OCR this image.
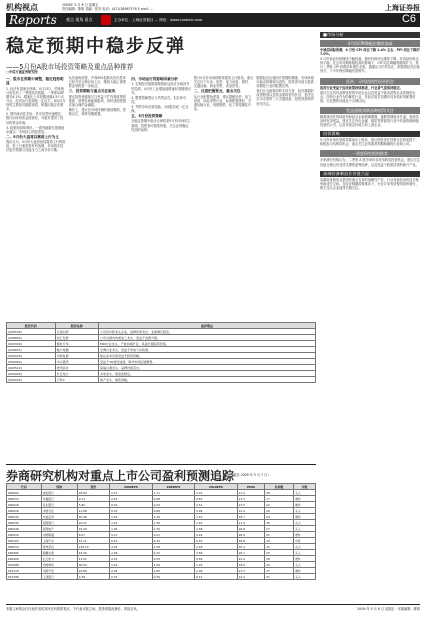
机构视点	2009年 5 月 8 日 星期五
责任编辑：陈明 美编：张杰 电话：(021)38967576 E-mail: ...	上海证券报
Reports 观点 视角 看点	主办单位：上海证券报社 ... 网址：www.cnstock.com	C6
稳定预期中稳步反弹
——5月份A股市场投资策略及重点品种推荐
□中信万通证券研究所

一、股市在预期中调整，稳定趋势明显

1. 经济有望逐步回暖。4月13日，国家统计局发布了一季度经济数据。一季度GDP增长6.1%，增速比上年同期回落4.5个百分点。经济运行虽面临一定压力，但从3月份的主要经济数据来看，积极因素正在增多。

2. 国内流动性充裕。货币信贷快速增长，银行间市场资金面宽松，为股市提供了较好的资金环境。

3. 政策面持续利好。一系列稳增长措施逐步落实，市场信心明显恢复。

二、5月份大盘将以震荡上行为主

我们认为，5月份大盘将延续震荡上行的格局，但上行速度将有所放缓，市场将在经济复苏预期与估值压力之间寻求平衡。

从估值角度看，沪深300指数动态市盈率已回升至合理区间上沿，继续大幅上涨需要业绩的进一步验证。

三、投资策略与重点关注板块

建议投资者继续关注受益于扩内需政策的基建、消费及新能源板块，同时适度配置估值合理的金融股。

操作上，建议在市场回调时逢低吸纳，控制仓位，保持均衡配置。

四、市场运行的影响因素分析

1. 宏观经济数据将继续验证经济企稳回升的趋势。4月份工业增加值增速有望继续回升。

2. 限售股解禁压力仍然存在，但总体可控。

3. 外围市场走势趋稳，对A股形成一定支撑。

五、5月份投资策略

在稳定预期中稳步反弹将是5月份市场的主基调，投资者可继续持股，关注业绩确定性高的品种。

预计5月份市场将维持震荡上行格局，重点关注以下行业：医药、电力设备、建材、交通运输、商业零售、食品饮料。

二、注意把握要点，重点关注

从行业配置角度看，建议超配医药、电力设备、商业零售行业，标准配置建材、交通运输行业，低配钢铁、化工等周期性行业。

随着经济企稳回升预期的增强，市场风格可能由防御转向进攻，投资者可适当提高周期性行业的配置比例。

我们认为政策面的支持力度、经济数据的改善程度以及资金面的宽松状况，是决定后市走势的三大关键因素，投资者需保持密切关注。

股票代码	股票名称	推荐理由
(000538)	云南白药	公司是中药龙头企业，品牌优势突出，业绩增长稳定。
(000895)	双汇发展	公司为国内肉类加工龙头，受益于消费升级。
(600309)	烟台万华	MDI行业龙头，产能持续扩张，具备长期投资价值。
(000651)	格力电器	空调行业龙头，受益于家电下乡政策。
(600026)	中海发展	航运业务有望受益于经济回暖。
(000063)	中兴通讯	受益于3G建设加速，海外市场拓展顺利。
(600519)	贵州茅台	高端白酒龙头，品牌价值突出。
(600900)	长江电力	水电龙头，现金流稳定。
(000002)	万科A	地产龙头，销售回暖。
券商研究机构对重点上市公司盈利预测追踪
（截至 2009 年 5 月 7 日）
代码	简称	股价	2008EPS	2009EPS	2010EPS	PE09	机构数	评级
600000	浦发银行	18.84	1.57	1.71	2.01	11.0	28	买入
600015	华夏银行	9.14	0.53	0.68	0.81	13.4	17	增持
600016	民生银行	5.95	0.42	0.44	0.52	13.5	22	增持
600028	中国石化	11.08	0.33	0.86	0.98	12.9	26	买入
600030	中信证券	25.48	1.43	1.36	1.52	18.7	24	增持
600036	招商银行	16.22	1.43	1.36	1.62	11.9	30	买入
600048	保利地产	24.40	1.04	1.30	1.68	18.8	27	买入
600050	中国联通	6.07	0.13	0.21	0.26	28.9	21	增持
600104	上海汽车	12.11	0.10	0.42	0.55	28.8	19	中性
600519	贵州茅台	139.10	4.03	4.58	5.48	30.4	32	买入
600585	海螺水泥	42.09	2.28	2.32	2.80	18.1	25	买入
600900	长江电力	13.52	0.45	0.59	0.69	22.9	18	增持
601088	中国神华	30.50	1.42	1.69	1.93	18.0	29	买入
601318	中国平安	44.86	0.09	1.65	2.06	27.2	27	增持
601398	工商银行	4.39	0.33	0.36	0.41	12.2	31	买入
■市场分析
4月份CPI降幅在继续加深
中诚信国际预测，4 月份 CPI 同比下降 1.4% 左右，PPI 同比下降约 7.0%。
4 月份食品价格继续小幅回落，猪肉价格环比继续下降，非食品价格走势平稳。在去年同期基数较高的影响下，CPI 同比降幅将继续扩大。预计二季度 CPI 将维持负增长态势，通缩压力仍然存在，但随着经济企稳回升，下半年物价降幅有望收窄。
医药：寻找结构性投资机会
医药行业受益于医改政策持续推进，行业景气度保持稳定。
建议关注具有品牌优势的中药企业以及受益于基本药物目录的制药企业。医药行业作为防御性行业，在经济复苏初期仍具有较好的配置价值，行业整体估值处于合理区间。
受益通胀预期品种值得关注
随着流动性持续宽松和经济企稳预期增强，通胀预期逐步升温，资源类品种有望受益。建议关注有色金属、煤炭等资源类行业中具备资源储备优势的公司，以及具备定价能力的上游企业。
投资策略
5 月份市场有望维持震荡向上格局，建议投资者在控制仓位的前提下，积极参与结构性机会，重点关注业绩改善预期明确的行业和公司。
一季度研究机构推荐
多家研究机构认为，二季度 A 股市场仍存在结构性投资机会，建议关注估值合理且有业绩支撑的蓝筹品种，以及受益于政策扶持的新兴产业。
高端装备制造业价值凸显
高端装备制造业是国家重点支持的战略性产业，行业具备较高的技术壁垒和成长空间。在经济刺激政策推动下，行业订单有望保持较快增长，相关龙头企业值得长期关注。
本版文章观点仅代表作者或其所在机构的观点，不代表本报立场。投资者据此操作，风险自负。	2009 年 5 月 8 日 星期五 · 本版编辑：陈明
